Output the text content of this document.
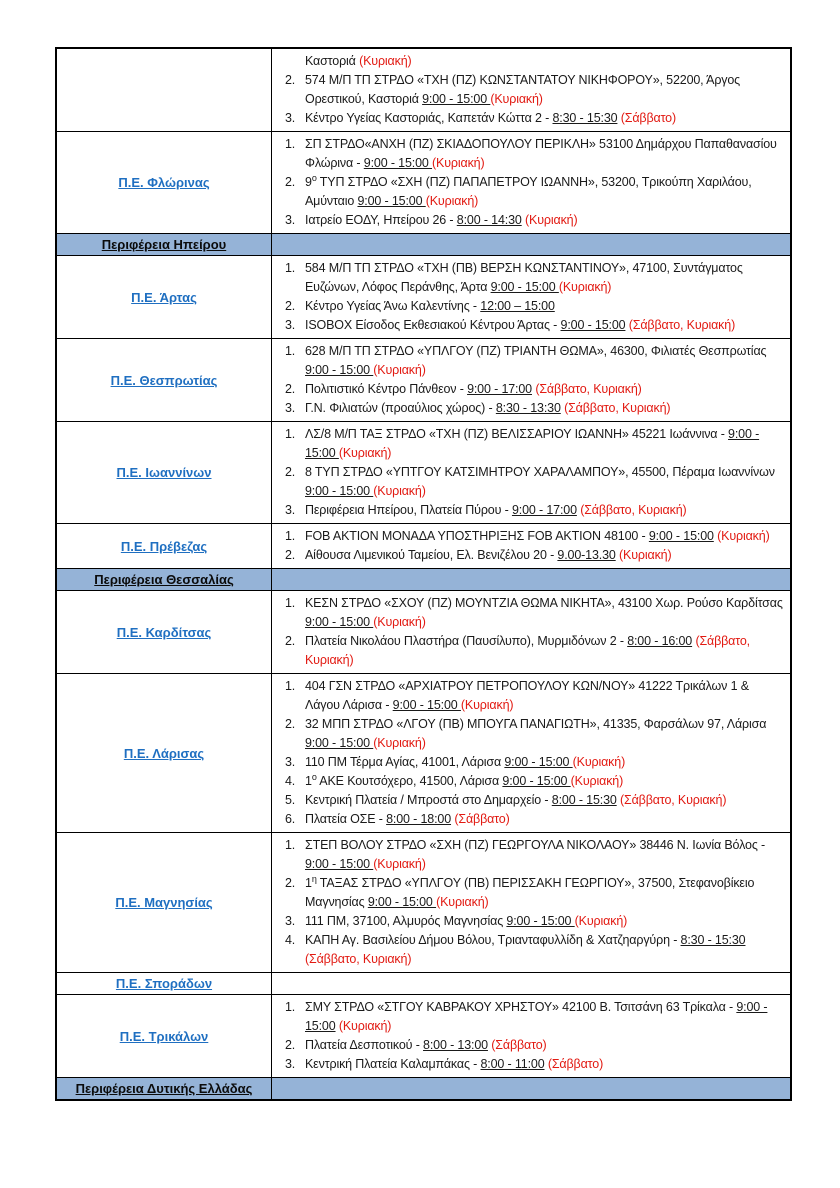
Καστοριά (Κυριακή)
2. 574 Μ/Π ΤΠ ΣΤΡΔΟ «ΤΧΗ (ΠΖ) ΚΩΝΣΤΑΝΤΑΤΟΥ ΝΙΚΗΦΟΡΟΥ», 52200, Άργος Ορεστικού, Καστοριά 9:00 - 15:00 (Κυριακή)
3. Κέντρο Υγείας Καστοριάς, Καπετάν Κώττα 2 - 8:30 - 15:30 (Σάββατο)
Π.Ε. Φλώρινας
1. ΣΠ ΣΤΡΔΟ«ΑΝΧΗ (ΠΖ) ΣΚΙΑΔΟΠΟΥΛΟΥ ΠΕΡΙΚΛΗ» 53100 Δημάρχου Παπαθανασίου Φλώρινα - 9:00 - 15:00 (Κυριακή)
2. $9^o$ ΤΥΠ ΣΤΡΔΟ «ΣΧΗ (ΠΖ) ΠΑΠΑΠΕΤΡΟΥ ΙΩΑΝΝΗ», 53200, Τρικούπη Χαριλάου, Αμύνταιο 9:00 - 15:00 (Κυριακή)
3. Ιατρείο ΕΟΔΥ, Ηπείρου 26 - 8:00 - 14:30 (Κυριακή)
Περιφέρεια Ηπείρου
Π.Ε. Άρτας
1. 584 Μ/Π ΤΠ ΣΤΡΔΟ «ΤΧΗ (ΠΒ) ΒΕΡΣΗ ΚΩΝΣΤΑΝΤΙΝΟΥ», 47100, Συντάγματος Ευζώνων, Λόφος Περάνθης, Άρτα 9:00 - 15:00 (Κυριακή)
2. Κέντρο Υγείας Άνω Καλεντίνης - 12:00 – 15:00
3. ISOBOX Είσοδος Εκθεσιακού Κέντρου Άρτας - 9:00 - 15:00 (Σάββατο, Κυριακή)
Π.Ε. Θεσπρωτίας
1. 628 Μ/Π ΤΠ ΣΤΡΔΟ «ΥΠΛΓΟΥ (ΠΖ) ΤΡΙΑΝΤΗ ΘΩΜΑ», 46300, Φιλιατές Θεσπρωτίας 9:00 - 15:00 (Κυριακή)
2. Πολιτιστικό Κέντρο Πάνθεον - 9:00 - 17:00 (Σάββατο, Κυριακή)
3. Γ.Ν. Φιλιατών (προαύλιος χώρος) - 8:30 - 13:30 (Σάββατο, Κυριακή)
Π.Ε. Ιωαννίνων
1. ΛΣ/8 Μ/Π ΤΑΞ ΣΤΡΔΟ «ΤΧΗ (ΠΖ) ΒΕΛΙΣΣΑΡΙΟΥ ΙΩΑΝΝΗ» 45221 Ιωάννινα - 9:00 - 15:00 (Κυριακή)
2. 8 ΤΥΠ ΣΤΡΔΟ «ΥΠΤΓΟΥ ΚΑΤΣΙΜΗΤΡΟΥ ΧΑΡΑΛΑΜΠΟΥ», 45500, Πέραμα Ιωαννίνων 9:00 - 15:00 (Κυριακή)
3. Περιφέρεια Ηπείρου, Πλατεία Πύρου - 9:00 - 17:00 (Σάββατο, Κυριακή)
Π.Ε. Πρέβεζας
1. FOB AKTION ΜΟΝΑΔΑ ΥΠΟΣΤΗΡΙΞΗΣ FOB AKTION 48100 - 9:00 - 15:00 (Κυριακή)
2. Αίθουσα Λιμενικού Ταμείου, Ελ. Βενιζέλου 20 - 9.00-13.30 (Κυριακή)
Περιφέρεια Θεσσαλίας
Π.Ε. Καρδίτσας
1. ΚΕΣΝ ΣΤΡΔΟ «ΣΧΟΥ (ΠΖ) ΜΟΥΝΤΖΙΑ ΘΩΜΑ ΝΙΚΗΤΑ», 43100 Χωρ. Ρούσο Καρδίτσας 9:00 - 15:00 (Κυριακή)
2. Πλατεία Νικολάου Πλαστήρα (Παυσίλυπο), Μυρμιδόνων 2 - 8:00 - 16:00 (Σάββατο, Κυριακή)
Π.Ε. Λάρισας
1. 404 ΓΣΝ ΣΤΡΔΟ «ΑΡΧΙΑΤΡΟΥ ΠΕΤΡΟΠΟΥΛΟΥ ΚΩΝ/ΝΟΥ» 41222 Τρικάλων 1 & Λάγου Λάρισα - 9:00 - 15:00 (Κυριακή)
2. 32 ΜΠΠ ΣΤΡΔΟ «ΛΓΟΥ (ΠΒ) ΜΠΟΥΓΑ ΠΑΝΑΓΙΩΤΗ», 41335, Φαρσάλων 97, Λάρισα 9:00 - 15:00 (Κυριακή)
3. 110 ΠΜ Τέρμα Αγίας, 41001, Λάρισα 9:00 - 15:00 (Κυριακή)
4. $1^o$ ΑΚΕ Κουτσόχερο, 41500, Λάρισα 9:00 - 15:00 (Κυριακή)
5. Κεντρική Πλατεία / Μπροστά στο Δημαρχείο - 8:00 - 15:30 (Σάββατο, Κυριακή)
6. Πλατεία ΟΣΕ - 8:00 - 18:00 (Σάββατο)
Π.Ε. Μαγνησίας
1. ΣΤΕΠ ΒΟΛΟΥ ΣΤΡΔΟ «ΣΧΗ (ΠΖ) ΓΕΩΡΓΟΥΛΑ ΝΙΚΟΛΑΟΥ» 38446 Ν. Ιωνία Βόλος - 9:00 - 15:00 (Κυριακή)
2. $1^\eta$ ΤΑΞΑΣ ΣΤΡΔΟ «ΥΠΛΓΟΥ (ΠΒ) ΠΕΡΙΣΣΑΚΗ ΓΕΩΡΓΙΟΥ», 37500, Στεφανοβίκειο Μαγνησίας 9:00 - 15:00 (Κυριακή)
3. 111 ΠΜ, 37100, Αλμυρός Μαγνησίας 9:00 - 15:00 (Κυριακή)
4. ΚΑΠΗ Αγ. Βασιλείου Δήμου Βόλου, Τριανταφυλλίδη & Χατζηαργύρη - 8:30 - 15:30 (Σάββατο, Κυριακή)
Π.Ε. Σποράδων
Π.Ε. Τρικάλων
1. ΣΜΥ ΣΤΡΔΟ «ΣΤΓΟΥ ΚΑΒΡΑΚΟΥ ΧΡΗΣΤΟΥ» 42100 Β. Τσιτσάνη 63 Τρίκαλα - 9:00 - 15:00 (Κυριακή)
2. Πλατεία Δεσποτικού - 8:00 - 13:00 (Σάββατο)
3. Κεντρική Πλατεία Καλαμπάκας - 8:00 - 11:00 (Σάββατο)
Περιφέρεια Δυτικής Ελλάδας
